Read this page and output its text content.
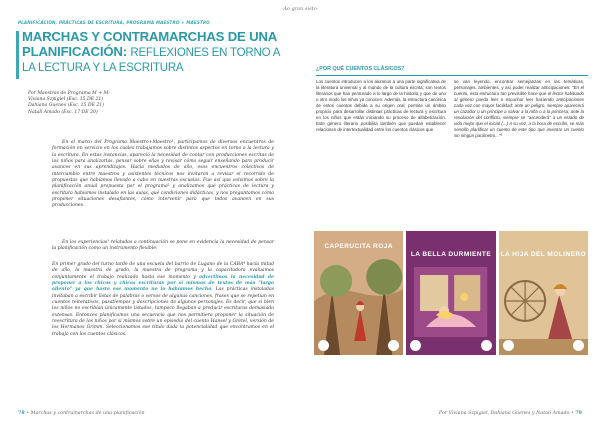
-Ao gran sisto-
PLANIFICACIÓN, PRÁCTICAS DE ESCRITURA, PROGRAMA MAESTRO + MAESTRO
MARCHAS Y CONTRAMARCHAS DE UNA PLANIFICACIÓN: REFLEXIONES EN TORNO A LA LECTURA Y LA ESCRITURA
Por Maestras de Programa M + M:
Viviana Szpigiel (Esc. 15 DE 21)
Dahiana Guenes (Esc. 15 DE 21)
Natali Amado (Esc. 17 DE 20)

En el marco del Programa Maestro+Maestro¹, participamos de diversos encuentros de formación en servicio en los cuales trabajamos sobre distintos aspectos en torno a la lectura y la escritura. En estas instancias, apareció la necesidad de contar con producciones escritas de los niños para analizarlas, pensar sobre ellas y revisar cómo seguir enseñando para producir avances en sus aprendizajes. Hacia mediados de año, esos encuentros colectivos de intercambio entre maestros y asistentes técnicos nos invitaron a revisar el recorrido de propuestas que habíamos llevado a cabo en nuestras escuelas. Fue así que volvimos sobre la planificación anual propuesta por el programa² y analizamos qué prácticas de lectura y escritura habíamos instalado en las aulas, qué condiciones didácticas, y nos preguntamos cómo proponer situaciones desafiantes, cómo intervenir para que todos avancen en sus producciones.

En los experiencias³ relatadas a continuación se pone en evidencia la necesidad de pensar la planificación como un instrumento flexible:

En primer grado del turno tarde de una escuela del barrio de Lugano de la CABA⁴ hacía mitad de año, la maestra de grado, la maestra de programa y la capacitadora evaluamos conjuntamente el trabajo realizado hasta ese momento y advertimos la necesidad de proponer a los chicos y chicas escrituras por sí mismos de textos de más "largo aliento" ya que hasta ese momento no lo habíamos hecho. Las prácticas instaladas invitaban a escribir listas de palabras o versos de algunas canciones, frases que se repetían en cuentos reiterativos, pasatiempos y descripciones de algunos personajes. Es decir, que si bien los niños no escribían únicamente listados, tampoco llegaban a producir escrituras demasiado extensas. Entonces planificamos una secuencia que nos permitiera proponer la situación de reescritura de los niños por sí mismos sobre un episodio del cuento Hansel y Gretel, versión de los Hermanos Grimm. Seleccionamos ese título dada la potencialidad que encontramos en el trabajo con los cuentos clásicos.

78 • Marchas y contramarchas de una planificación
¿POR QUÉ CUENTOS CLÁSICOS?

Los cuentos introducen a los alumnos a una parte significativa de la literatura universal y al mundo de la cultura escrita; son textos literarios que han perdurado a lo largo de la historia y que de uno u otro modo los niños ya conocen. Además, la estructura canónica de estos cuentos debida a su origen oral, permite un ámbito propicio para desarrollar distintas prácticas de lectura y escritura en los niños que están iniciando su proceso de alfabetización. Este género literario posibilita también que puedan establecer relaciones de intertextualidad entre los cuentos clásicos que

se van leyendo, encontrar semejanzas en las temáticas, personajes, ambientes, y así poder realizar anticipaciones: "En el cuento, esta estructura tan previsible hace que el lector habituado al género pueda leer o escuchar leer haciendo anticipaciones cada vez con mayor facilidad: ante un peligro, siempre aparecerá un cazador o un príncipe a salvar a la niña o a la princesa; ante la resolución del conflicto, siempre se "ascenderá" a un estado de vida mejor que el inicial (...) A su vez, a la hora de escribir, se más sencillo planificar un cuento de este tipo que inventar un cuento sin ningún parámetro..."⁵

CAPERUCITA ROJA
LA BELLA DURMIENTE	LA HIJA DEL MOLINERO
Por Viviana Szpigiel, Dahiana Guenes y Natali Amado • 79
